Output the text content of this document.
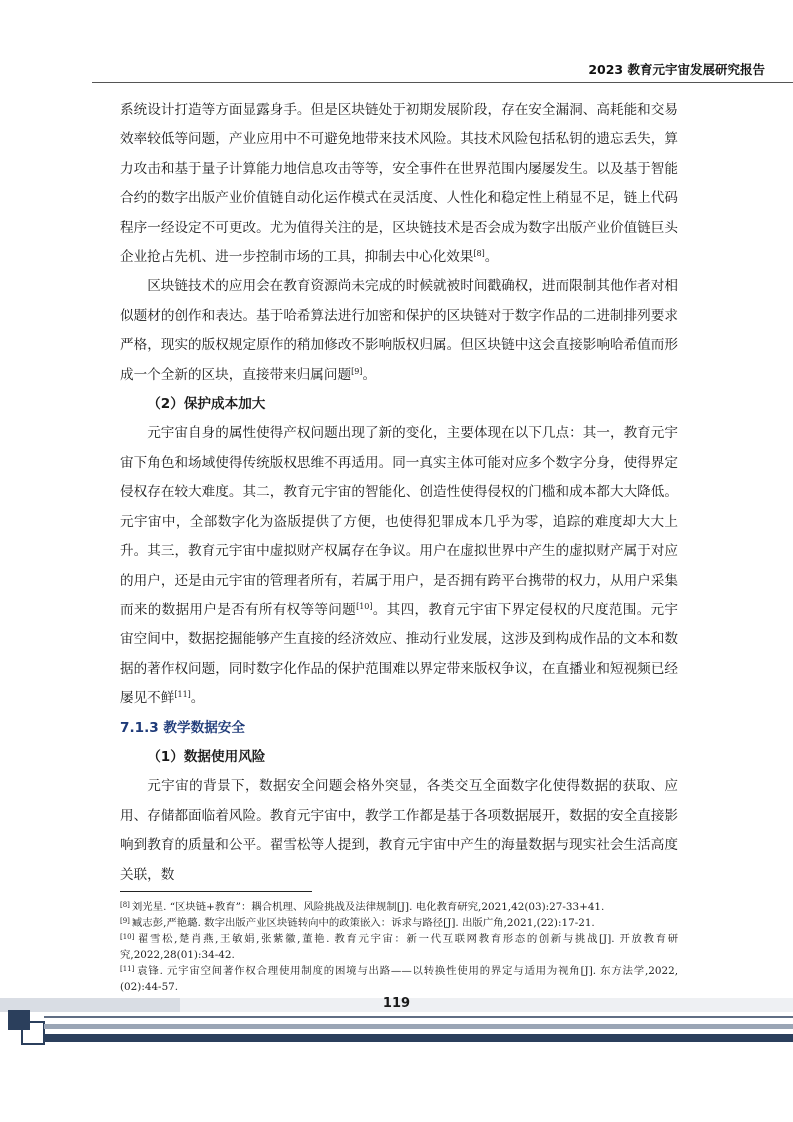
2023 教育元宇宙发展研究报告

系统设计打造等方面显露身手。但是区块链处于初期发展阶段，存在安全漏洞、高耗能和交易效率较低等问题，产业应用中不可避免地带来技术风险。其技术风险包括私钥的遗忘丢失，算力攻击和基于量子计算能力地信息攻击等等，安全事件在世界范围内屡屡发生。以及基于智能合约的数字出版产业价值链自动化运作模式在灵活度、人性化和稳定性上稍显不足，链上代码程序一经设定不可更改。尤为值得关注的是，区块链技术是否会成为数字出版产业价值链巨头企业抢占先机、进一步控制市场的工具，抑制去中心化效果[8]。

区块链技术的应用会在教育资源尚未完成的时候就被时间戳确权，进而限制其他作者对相似题材的创作和表达。基于哈希算法进行加密和保护的区块链对于数字作品的二进制排列要求严格，现实的版权规定原作的稍加修改不影响版权归属。但区块链中这会直接影响哈希值而形成一个全新的区块，直接带来归属问题[9]。

（2）保护成本加大

元宇宙自身的属性使得产权问题出现了新的变化，主要体现在以下几点：其一，教育元宇宙下角色和场域使得传统版权思维不再适用。同一真实主体可能对应多个数字分身，使得界定侵权存在较大难度。其二，教育元宇宙的智能化、创造性使得侵权的门槛和成本都大大降低。元宇宙中，全部数字化为盗版提供了方便，也使得犯罪成本几乎为零，追踪的难度却大大上升。其三，教育元宇宙中虚拟财产权属存在争议。用户在虚拟世界中产生的虚拟财产属于对应的用户，还是由元宇宙的管理者所有，若属于用户，是否拥有跨平台携带的权力，从用户采集而来的数据用户是否有所有权等等问题[10]。其四，教育元宇宙下界定侵权的尺度范围。元宇宙空间中，数据挖掘能够产生直接的经济效应、推动行业发展，这涉及到构成作品的文本和数据的著作权问题，同时数字化作品的保护范围难以界定带来版权争议，在直播业和短视频已经屡见不鲜[11]。

7.1.3 教学数据安全

（1）数据使用风险

元宇宙的背景下，数据安全问题会格外突显，各类交互全面数字化使得数据的获取、应用、存储都面临着风险。教育元宇宙中，教学工作都是基于各项数据展开，数据的安全直接影响到教育的质量和公平。翟雪松等人提到，教育元宇宙中产生的海量数据与现实社会生活高度关联，数

[8] 刘光星. “区块链+教育”：耦合机理、风险挑战及法律规制[J]. 电化教育研究,2021,42(03):27-33+41.

[9] 臧志彭,严艳璐. 数字出版产业区块链转向中的政策嵌入：诉求与路径[J]. 出版广角,2021,(22):17-21.

[10] 翟雪松,楚肖燕,王敏娟,张紫徽,董艳. 教育元宇宙：新一代互联网教育形态的创新与挑战[J]. 开放教育研究,2022,28(01):34-42.

[11] 袁锋. 元宇宙空间著作权合理使用制度的困境与出路——以转换性使用的界定与适用为视角[J]. 东方法学,2022,(02):44-57.

119
